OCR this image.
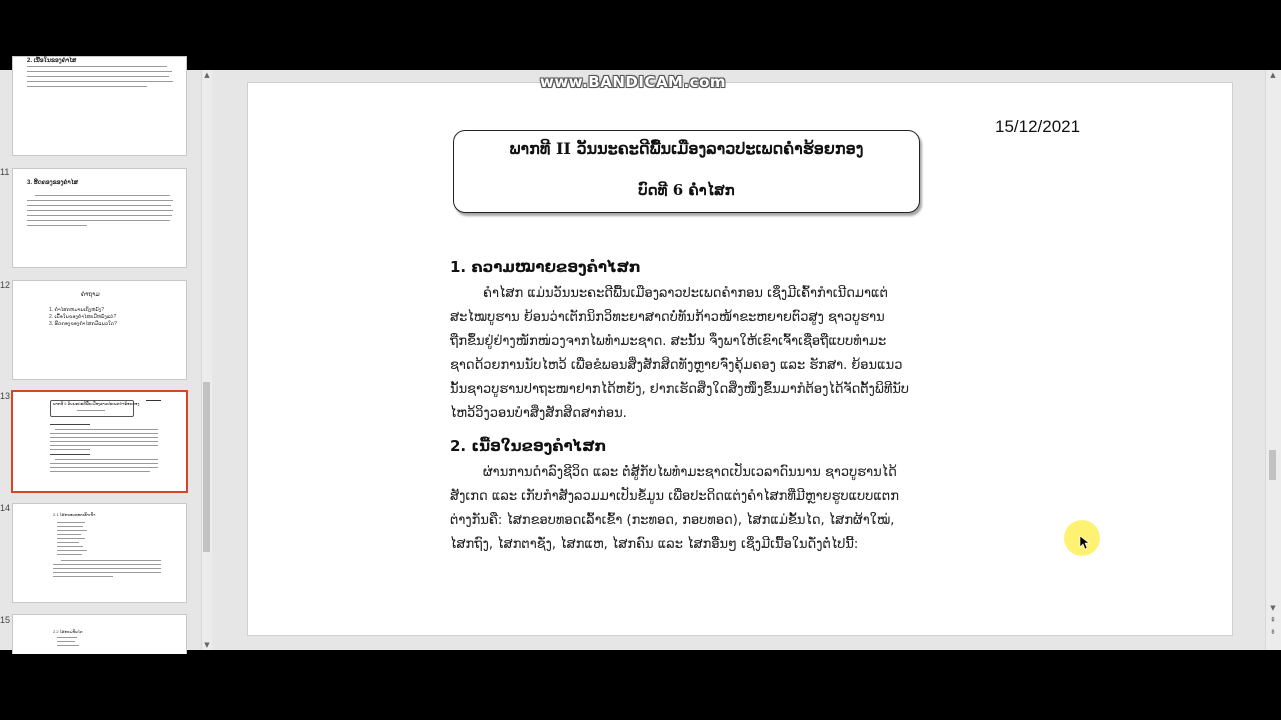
2. ເນື້ອໃນຂອງຄຳໄສ
11
3. ຮີດຄອງຂອງຄຳໄສ
12
ຄຳຖາມ
1. ຄຳໄສກຫມາຍເຖິງຫຍັງ?
2. ເນື້ອໃນຂອງຄຳໄສກມີຫຍັງແດ່?
3. ຮີດຄອງຂອງຄຳໄສກມີແນວໃດ?
13
ພາກທີ II ວັນນະຄະດີພື້ນເມືອງລາວປະເພດຄຳຮ້ອຍກອງ
14
2.1 ໄສກຂອບທອດເລົ້າເຂົ້າ
15
2.2 ໄສກແມ່ຂັ້ນໄດ
▲
▼
▲
▼
⇞
⇟
www.BANDICAM.com
15/12/2021
ພາກທີ II ວັນນະຄະດີພື້ນເມືອງລາວປະເພດຄຳຮ້ອຍກອງ
ບົດທີ 6 ຄຳໄສກ
1. ຄວາມໝາຍຂອງຄຳໄສກ
ຄຳໄສກ ແມ່ນວັນນະຄະດີພື້ນເມືອງລາວປະເພດຄຳກອນ ເຊິ່ງມີເຄົ້າກຳເນີດມາແຕ່
ສະໄໝບູຮານ ຍ້ອນວ່າເຕັກນິກວິທະຍາສາດບໍ່ທັນກ້າວໜ້າຂະຫຍາຍຕົວສູງ ຊາວບູຮານ
ຖືກຂຶ້ນຢູ່ຢ່າງໜັກໜ່ວງຈາກໄພທຳມະຊາດ. ສະນັ້ນ ຈຶ່ງພາໃຫ້ເຂົາເຈົ້າເຊື່ອຖືແບບທຳມະ
ຊາດດ້ວຍການນັບໄຫວ້ ເພື່ອຂໍພອນສິ່ງສັກສິດທັງຫຼາຍຈົ່ງຄຸ້ມຄອງ ແລະ ຮັກສາ. ຍ້ອນແນວ
ນັ້ນຊາວບູຮານປາຖະໜາຢາກໄດ້ຫຍັງ, ຢາກເຮັດສິ່ງໃດສິ່ງໜຶ່ງຂຶ້ນມາກໍຕ້ອງໄດ້ຈັດຕັ້ງພິທີນັບ
ໄຫວ້ວິງວອນບຳສິ່ງສັກສິດສາກ່ອນ.
2. ເນື້ອໃນຂອງຄຳໄສກ
ຜ່ານການດຳລົງຊີວິດ ແລະ ຕໍ່ສູ້ກັບໄພທຳມະຊາດເປັນເວລາດົນນານ ຊາວບູຮານໄດ້
ສັງເກດ ແລະ ເກັບກຳສັງລວມມາເປັນຂໍ້ມູນ ເພື່ອປະດິດແຕ່ງຄຳໄສກທີ່ມີຫຼາຍຮູບແບບແຕກ
ຕ່າງກັນຄື: ໄສກຂອບທອດເລົ້າເຂົ້າ (ກະທອດ, ກອບທອດ), ໄສກແມ່ຂັ້ນໄດ, ໄສກຜ້າໃໝ່,
ໄສກຖົງ, ໄສກຕາຊັ່ງ, ໄສກແຫ, ໄສກຄົນ ແລະ ໄສກອື່ນໆ ເຊິ່ງມີເນື້ອໃນດັ່ງຕໍ່ໄປນີ້:
